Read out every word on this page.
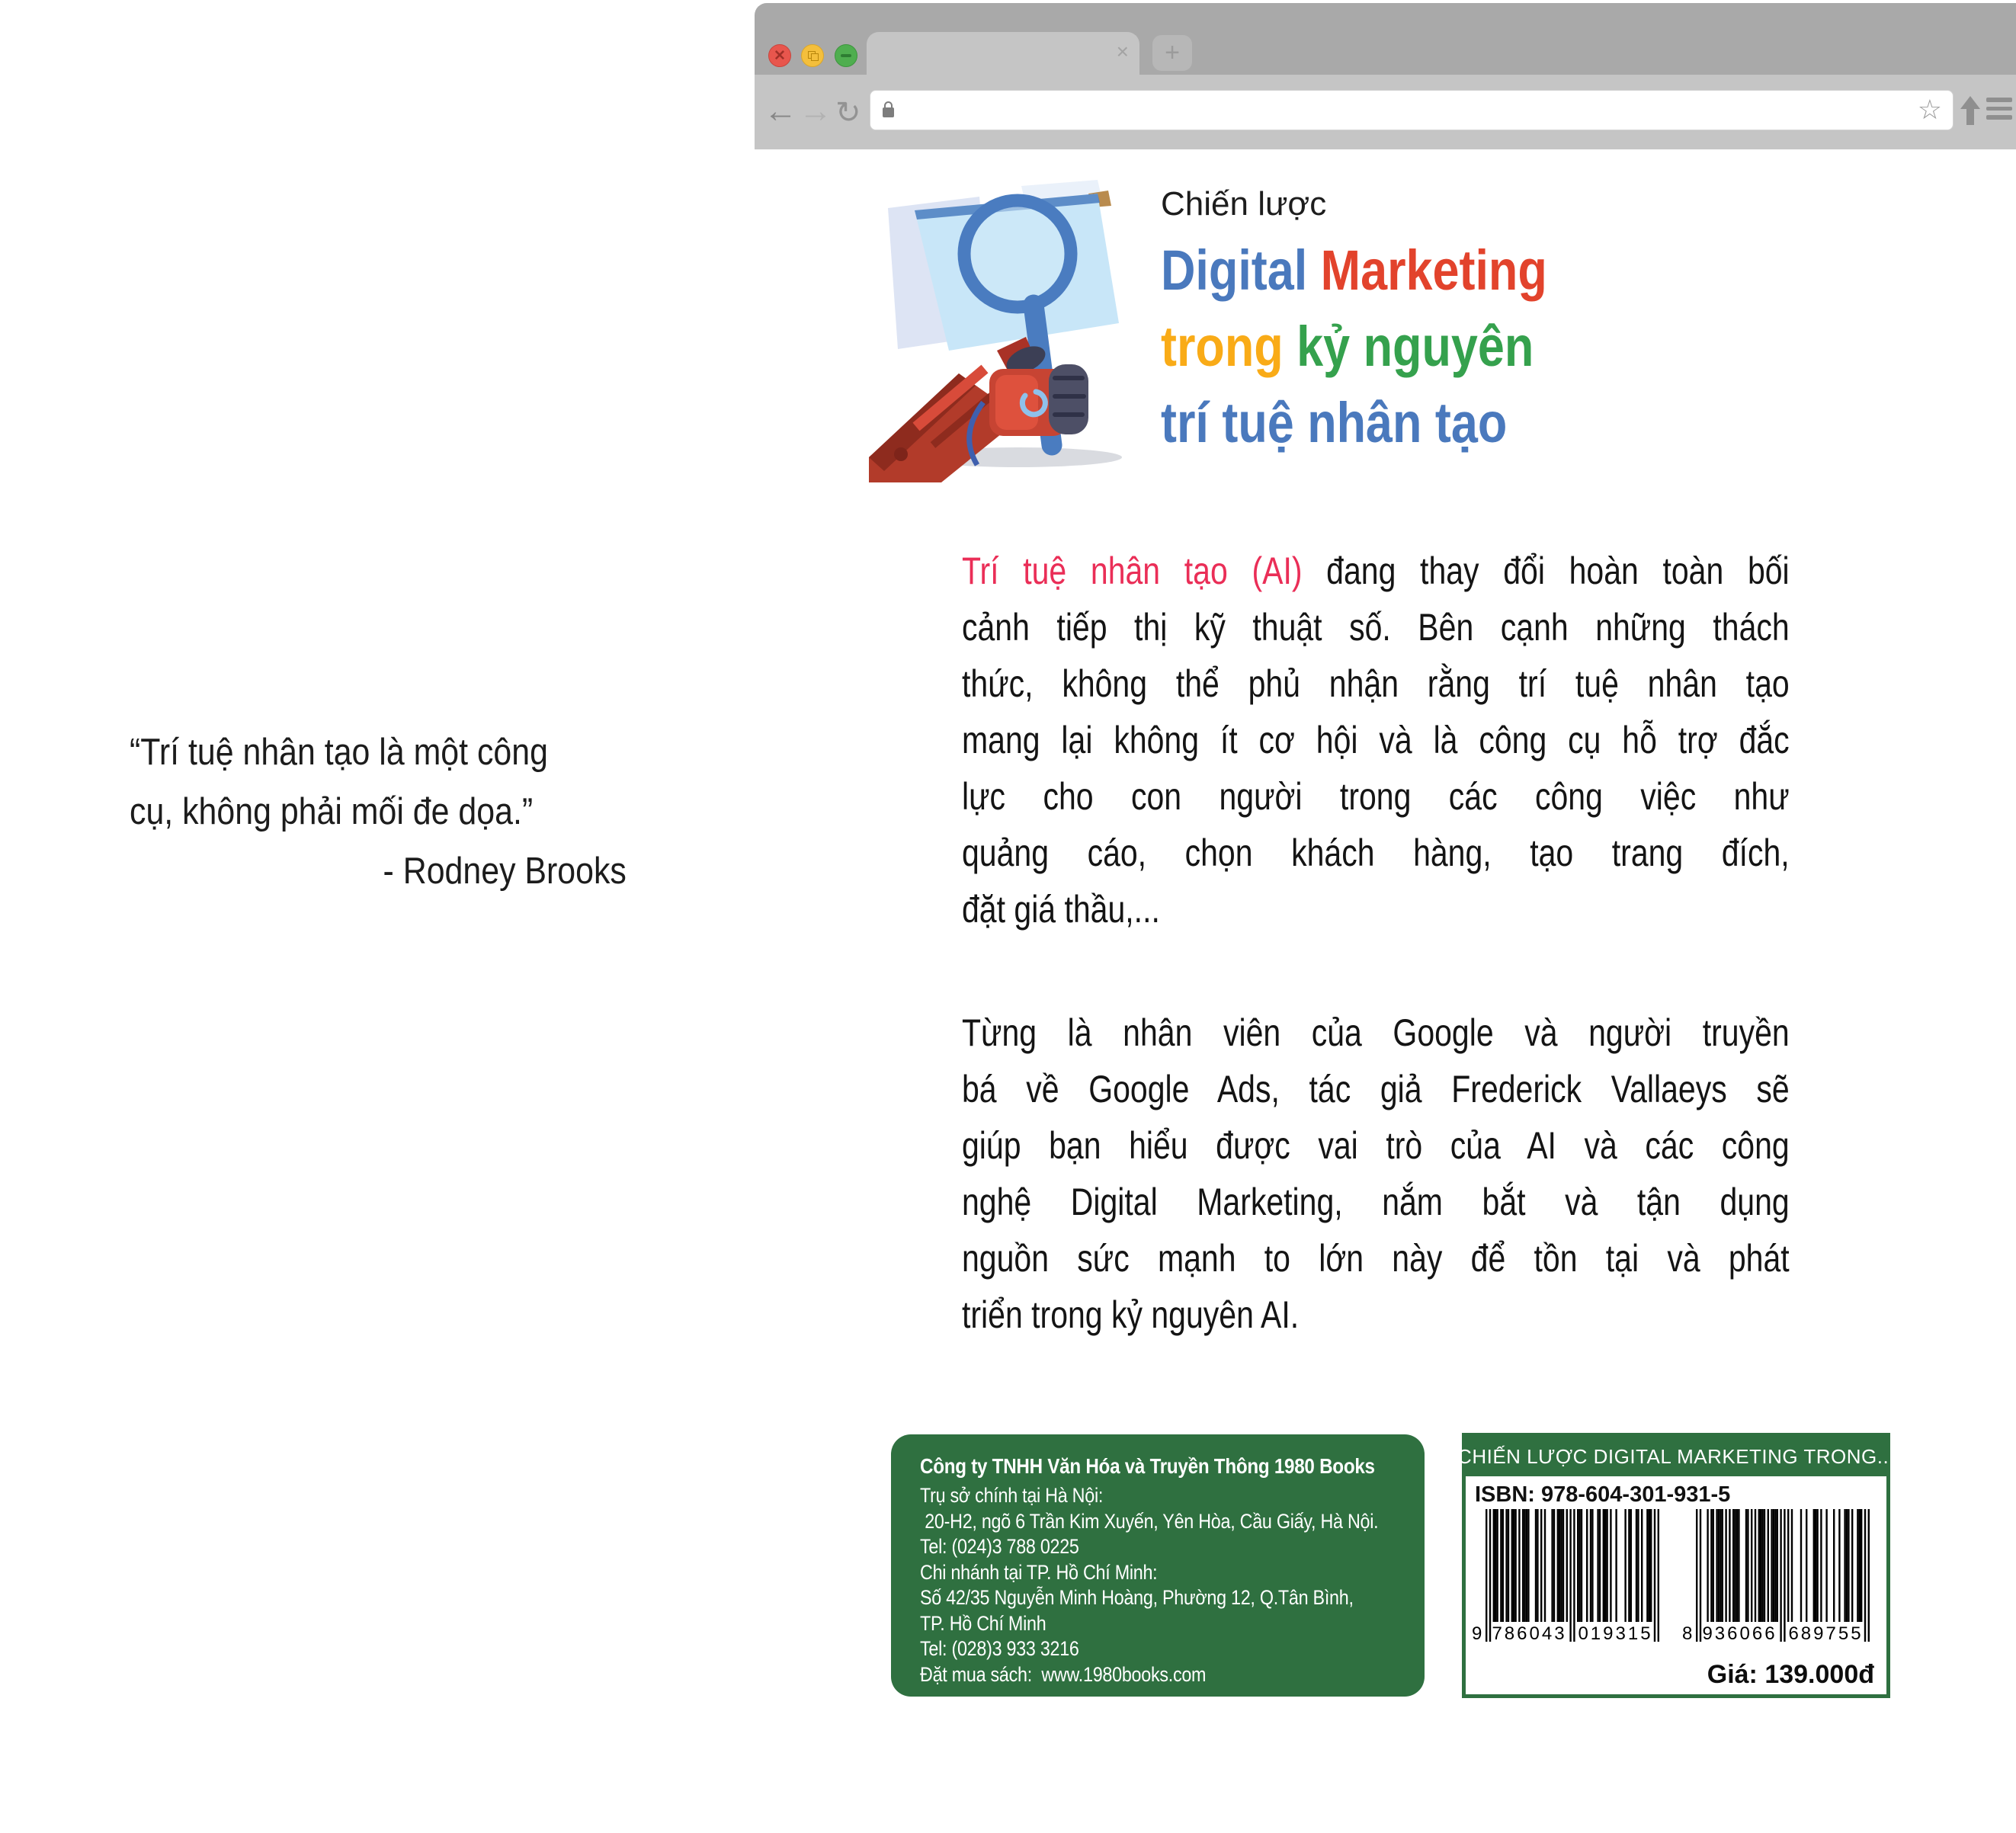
✕	× +
← → ↻	☆
Chiến lược
Digital Marketing
trong kỷ nguyên
trí tuệ nhân tạo
“Trí tuệ nhân tạo là một công
cụ, không phải mối đe dọa.”
- Rodney Brooks
Trí tuệ nhân tạo (AI) đang thay đổi hoàn toàn bối
cảnh tiếp thị kỹ thuật số. Bên cạnh những thách
thức, không thể phủ nhận rằng trí tuệ nhân tạo
mang lại không ít cơ hội và là công cụ hỗ trợ đắc
lực cho con người trong các công việc như
quảng cáo, chọn khách hàng, tạo trang đích,
đặt giá thầu,...
Từng là nhân viên của Google và người truyền
bá về Google Ads, tác giả Frederick Vallaeys sẽ
giúp bạn hiểu được vai trò của AI và các công
nghệ Digital Marketing, nắm bắt và tận dụng
nguồn sức mạnh to lớn này để tồn tại và phát
triển trong kỷ nguyên AI.
Công ty TNHH Văn Hóa và Truyền Thông 1980 Books
Trụ sở chính tại Hà Nội:
20-H2, ngõ 6 Trần Kim Xuyến, Yên Hòa, Cầu Giấy, Hà Nội.
Tel: (024)3 788 0225
Chi nhánh tại TP. Hồ Chí Minh:
Số 42/35 Nguyễn Minh Hoàng, Phường 12, Q.Tân Bình,
TP. Hồ Chí Minh
Tel: (028)3 933 3216
Đặt mua sách:  www.1980books.com
CHIẾN LƯỢC DIGITAL MARKETING TRONG...
ISBN: 978-604-301-931-5
9 786043 019315 8 936066 689755
Giá: 139.000đ
